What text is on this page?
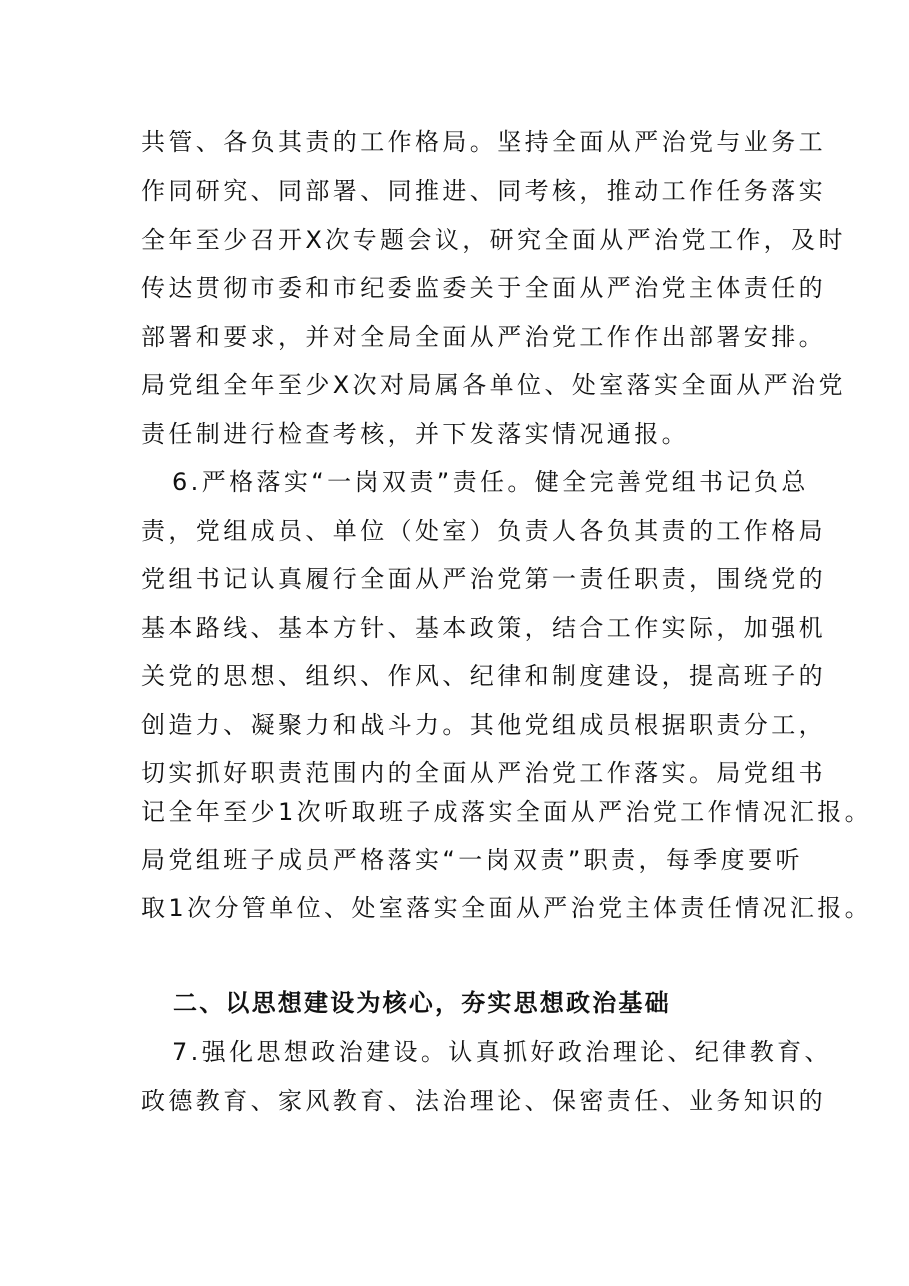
共管、各负其责的工作格局。坚持全面从严治党与业务工
作同研究、同部署、同推进、同考核，推动工作任务落实
全年至少召开X次专题会议，研究全面从严治党工作，及时
传达贯彻市委和市纪委监委关于全面从严治党主体责任的
部署和要求，并对全局全面从严治党工作作出部署安排。
局党组全年至少X次对局属各单位、处室落实全面从严治党
责任制进行检查考核，并下发落实情况通报。
6.严格落实“一岗双责”责任。健全完善党组书记负总
责，党组成员、单位（处室）负责人各负其责的工作格局
党组书记认真履行全面从严治党第一责任职责，围绕党的
基本路线、基本方针、基本政策，结合工作实际，加强机
关党的思想、组织、作风、纪律和制度建设，提高班子的
创造力、凝聚力和战斗力。其他党组成员根据职责分工，
切实抓好职责范围内的全面从严治党工作落实。局党组书
记全年至少1次听取班子成落实全面从严治党工作情况汇报。
局党组班子成员严格落实“一岗双责”职责，每季度要听
取1次分管单位、处室落实全面从严治党主体责任情况汇报。
二、以思想建设为核心，夯实思想政治基础
7.强化思想政治建设。认真抓好政治理论、纪律教育、
政德教育、家风教育、法治理论、保密责任、业务知识的
